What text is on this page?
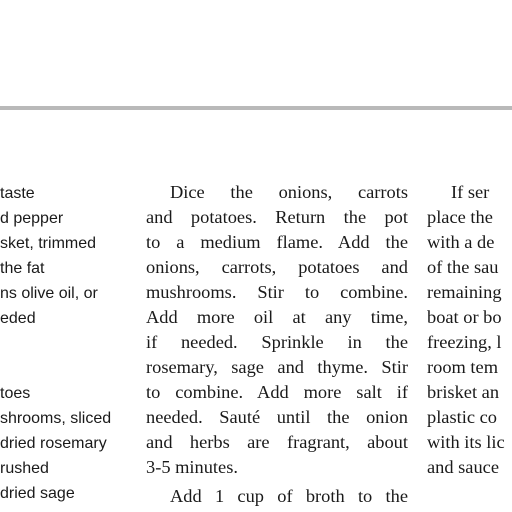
taste
d pepper
sket, trimmed
the fat
ns olive oil, or
eded
toes
shrooms, sliced
dried rosemary
rushed
dried sage

Dice the onions, carrots
and potatoes. Return the pot
to a medium flame. Add the
onions, carrots, potatoes and
mushrooms. Stir to combine.
Add more oil at any time,
if needed. Sprinkle in the
rosemary, sage and thyme. Stir
to combine. Add more salt if
needed. Sauté until the onion
and herbs are fragrant, about
3-5 minutes.

Add 1 cup of broth to the

If ser
place the
with a de
of the sau
remaining
boat or bo
freezing, l
room tem
brisket an
plastic co
with its lic
and sauce
